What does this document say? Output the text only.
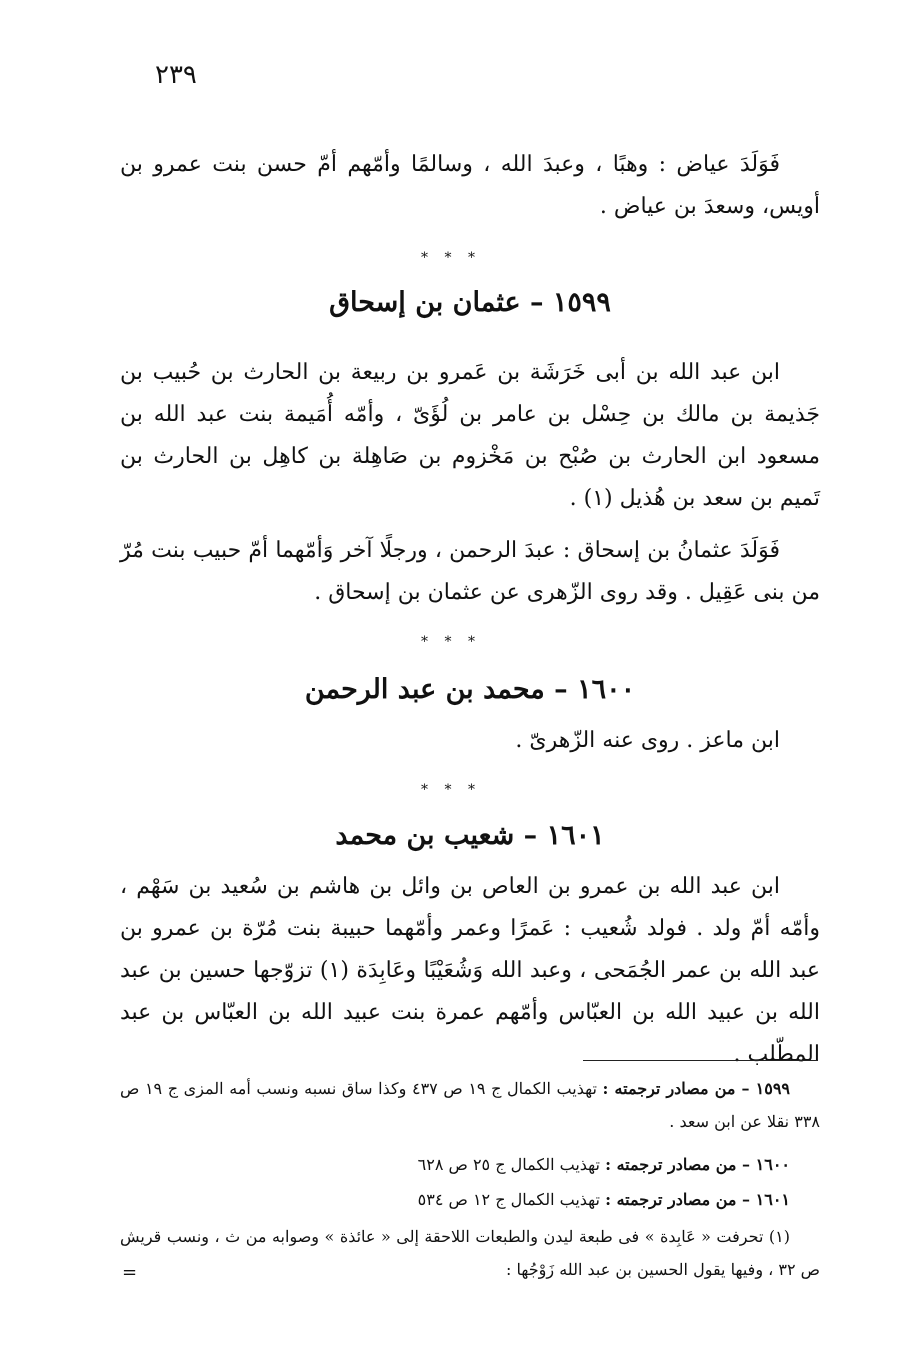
٢٣٩
فَوَلَدَ عياض : وهبًا ، وعبدَ الله ، وسالمًا وأمّهم أمّ حسن بنت عمرو بن أويس، وسعدَ بن عياض .
* * *
١٥٩٩ – عثمان بن إسحاق
ابن عبد الله بن أبى خَرَشَة بن عَمرو بن ربيعة بن الحارث بن حُبيب بن جَذيمة بن مالك بن حِسْل بن عامر بن لُؤَىّ ، وأمّه أُمَيمة بنت عبد الله بن مسعود ابن الحارث بن صُبْح بن مَخْزوم بن صَاهِلة بن كاهِل بن الحارث بن تَميم بن سعد بن هُذيل (١) .
فَوَلَدَ عثمانُ بن إسحاق : عبدَ الرحمن ، ورجلًا آخر وَأمّهما أمّ حبيب بنت مُرّ من بنى عَقِيل . وقد روى الزّهرى عن عثمان بن إسحاق .
* * *
١٦٠٠ – محمد بن عبد الرحمن
ابن ماعز . روى عنه الزّهرىّ .
* * *
١٦٠١ – شعيب بن محمد
ابن عبد الله بن عمرو بن العاص بن وائل بن هاشم بن سُعيد بن سَهْم ، وأمّه أمّ ولد . فولد شُعيب : عَمرًا وعمر وأمّهما حبيبة بنت مُرّة بن عمرو بن عبد الله بن عمر الجُمَحى ، وعبد الله وَشُعَيْبًا وعَابِدَة (١) تزوّجها حسين بن عبد الله بن عبيد الله بن العبّاس وأمّهم عمرة بنت عبيد الله بن العبّاس بن عبد المطّلب .
١٥٩٩ – من مصادر ترجمته : تهذيب الكمال ج ١٩ ص ٤٣٧ وكذا ساق نسبه ونسب أمه المزى ج ١٩ ص ٣٣٨ نقلا عن ابن سعد .
١٦٠٠ – من مصادر ترجمته : تهذيب الكمال ج ٢٥ ص ٦٢٨
١٦٠١ – من مصادر ترجمته : تهذيب الكمال ج ١٢ ص ٥٣٤
(١) تحرفت « عَابِدة » فى طبعة ليدن والطبعات اللاحقة إلى « عائذة » وصوابه من ث ، ونسب قريش ص ٣٢ ، وفيها يقول الحسين بن عبد الله زَوْجُها :
=
